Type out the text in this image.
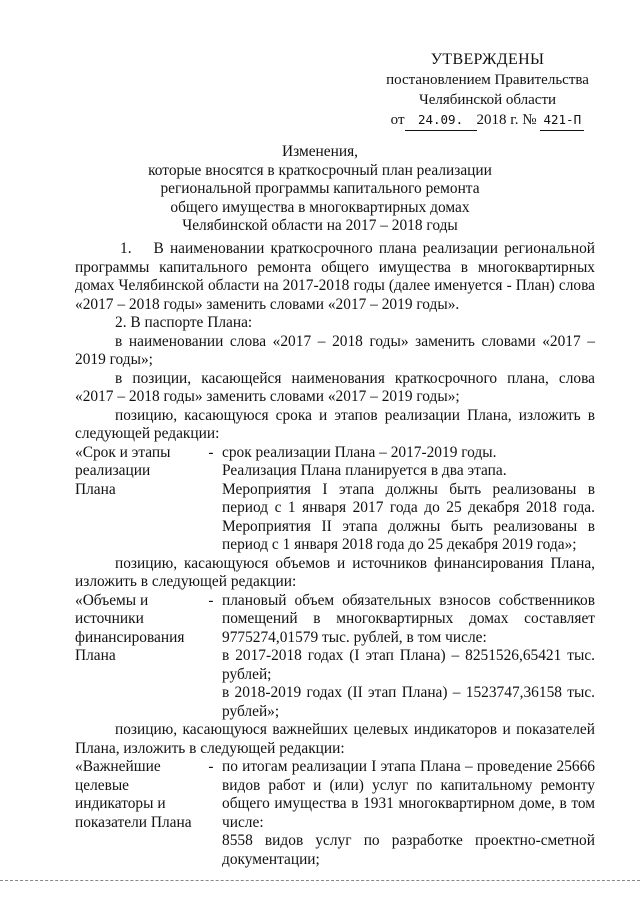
УТВЕРЖДЕНЫ
постановлением Правительства
Челябинской области
от 24.09. 2018 г. № 421-П
Изменения,
которые вносятся в краткосрочный план реализации
региональной программы капитального ремонта
общего имущества в многоквартирных домах
Челябинской области на 2017 – 2018 годы

1. В наименовании краткосрочного плана реализации региональной программы капитального ремонта общего имущества в многоквартирных домах Челябинской области на 2017-2018 годы (далее именуется - План) слова «2017 – 2018 годы» заменить словами «2017 – 2019 годы».

2. В паспорте Плана:

в наименовании слова «2017 – 2018 годы» заменить словами «2017 – 2019 годы»;

в позиции, касающейся наименования краткосрочного плана, слова «2017 – 2018 годы» заменить словами «2017 – 2019 годы»;

позицию, касающуюся срока и этапов реализации Плана, изложить в следующей редакции:

«Срок и этапы
реализации
Плана
- срок реализации Плана – 2017-2019 годы.
Реализация Плана планируется в два этапа.
Мероприятия I этапа должны быть реализованы в период с 1 января 2017 года до 25 декабря 2018 года. Мероприятия II этапа должны быть реализованы в период с 1 января 2018 года до 25 декабря 2019 года»;

позицию, касающуюся объемов и источников финансирования Плана, изложить в следующей редакции:

«Объемы и
источники
финансирования
Плана
- плановый объем обязательных взносов собственников помещений в многоквартирных домах составляет 9775274,01579 тыс. рублей, в том числе:
в 2017-2018 годах (I этап Плана) – 8251526,65421 тыс. рублей;
в 2018-2019 годах (II этап Плана) – 1523747,36158 тыс. рублей»;

позицию, касающуюся важнейших целевых индикаторов и показателей Плана, изложить в следующей редакции:

«Важнейшие
целевые
индикаторы и
показатели Плана
- по итогам реализации I этапа Плана – проведение 25666 видов работ и (или) услуг по капитальному ремонту общего имущества в 1931 многоквартирном доме, в том числе:
8558 видов услуг по разработке проектно-сметной документации;
